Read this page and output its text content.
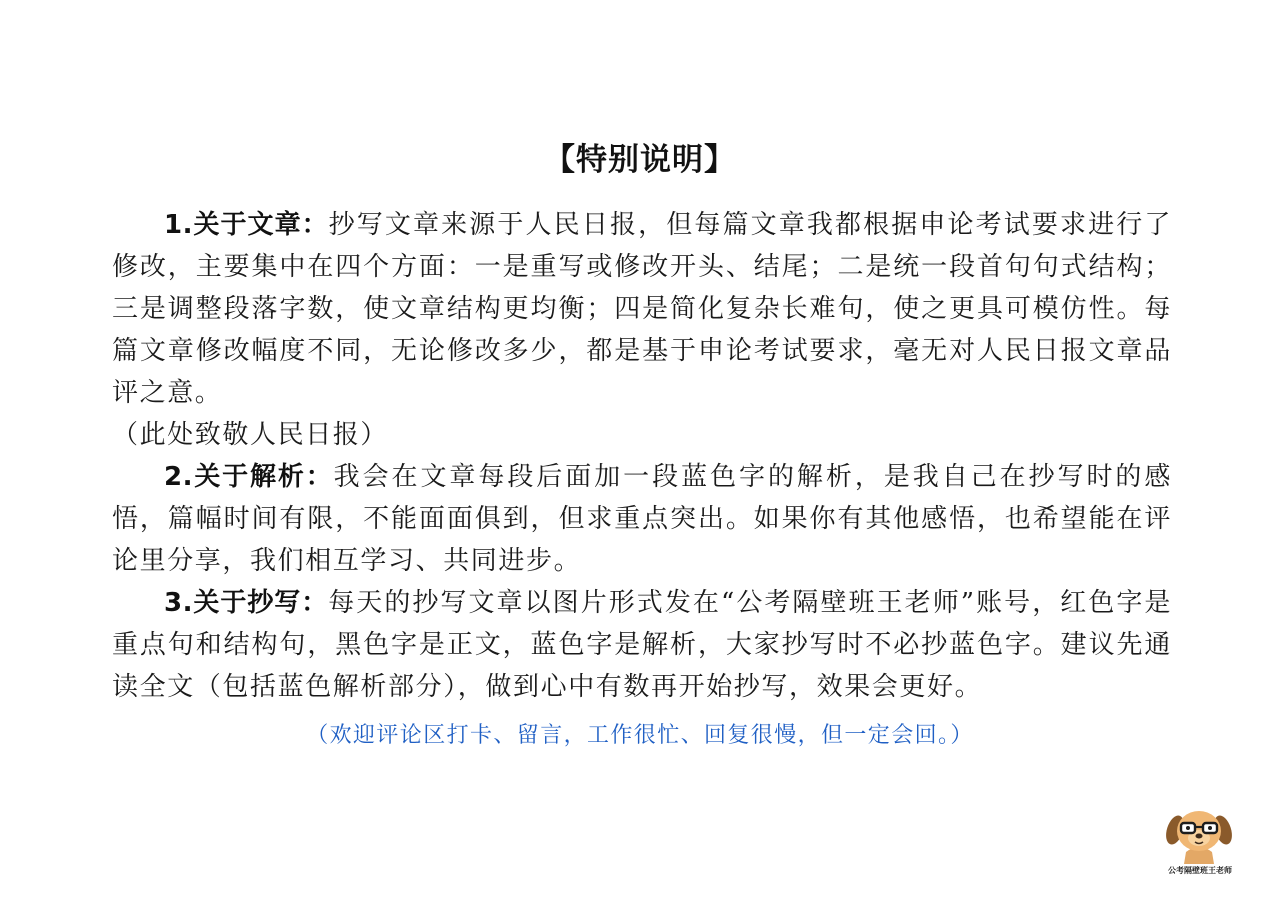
【特别说明】

1.关于文章：抄写文章来源于人民日报，但每篇文章我都根据申论考试要求进行了修改，主要集中在四个方面：一是重写或修改开头、结尾；二是统一段首句句式结构；三是调整段落字数，使文章结构更均衡；四是简化复杂长难句，使之更具可模仿性。每篇文章修改幅度不同，无论修改多少，都是基于申论考试要求，毫无对人民日报文章品评之意。

（此处致敬人民日报）

2.关于解析：我会在文章每段后面加一段蓝色字的解析，是我自己在抄写时的感悟，篇幅时间有限，不能面面俱到，但求重点突出。如果你有其他感悟，也希望能在评论里分享，我们相互学习、共同进步。

3.关于抄写：每天的抄写文章以图片形式发在“公考隔壁班王老师”账号，红色字是重点句和结构句，黑色字是正文，蓝色字是解析，大家抄写时不必抄蓝色字。建议先通读全文（包括蓝色解析部分），做到心中有数再开始抄写，效果会更好。

（欢迎评论区打卡、留言，工作很忙、回复很慢，但一定会回。）
公考隔壁班王老师
